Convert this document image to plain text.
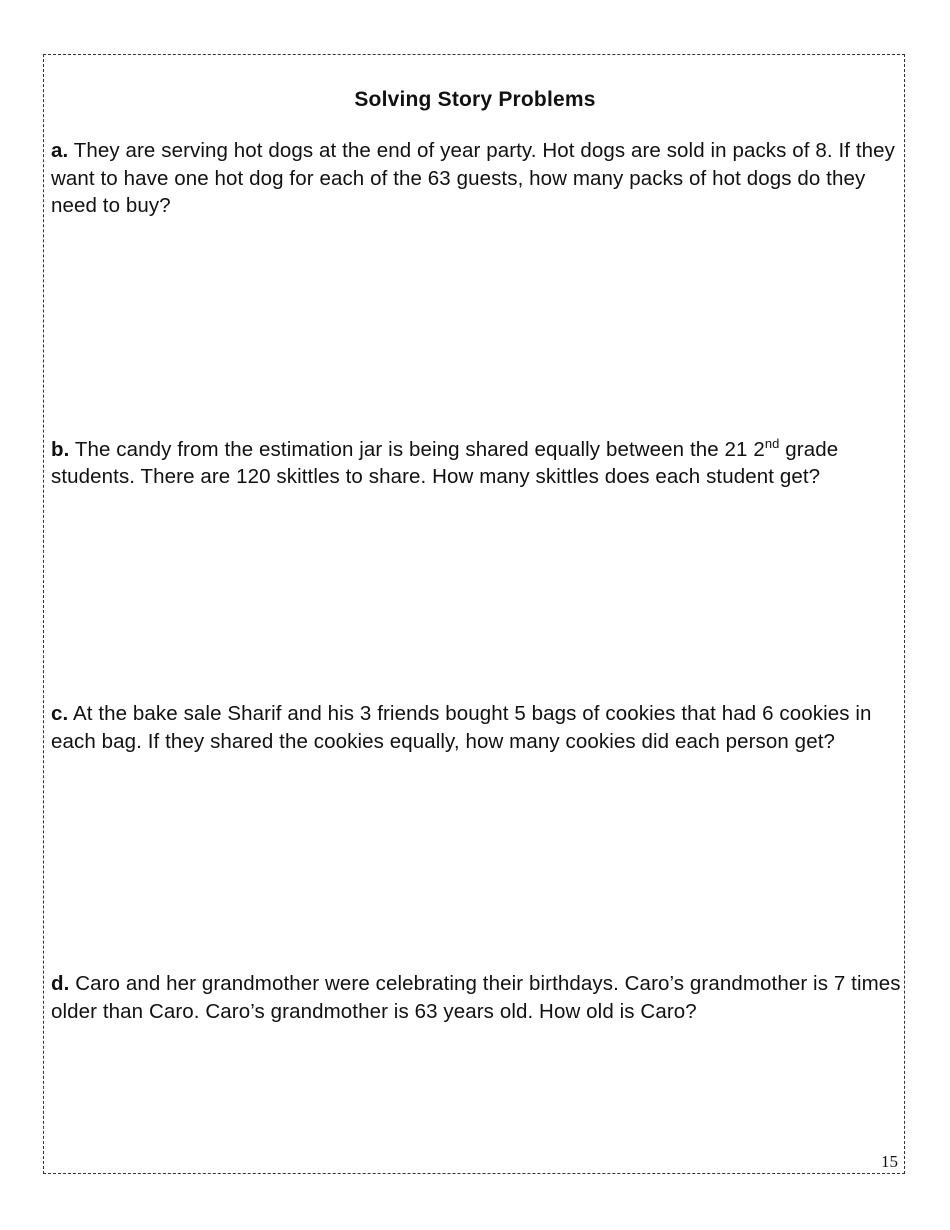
Solving Story Problems
a. They are serving hot dogs at the end of year party. Hot dogs are sold in packs of 8. If they want to have one hot dog for each of the 63 guests, how many packs of hot dogs do they need to buy?
b. The candy from the estimation jar is being shared equally between the 21 2nd grade students. There are 120 skittles to share. How many skittles does each student get?
c. At the bake sale Sharif and his 3 friends bought 5 bags of cookies that had 6 cookies in each bag. If they shared the cookies equally, how many cookies did each person get?
d. Caro and her grandmother were celebrating their birthdays. Caro’s grandmother is 7 times older than Caro. Caro’s grandmother is 63 years old. How old is Caro?
15
